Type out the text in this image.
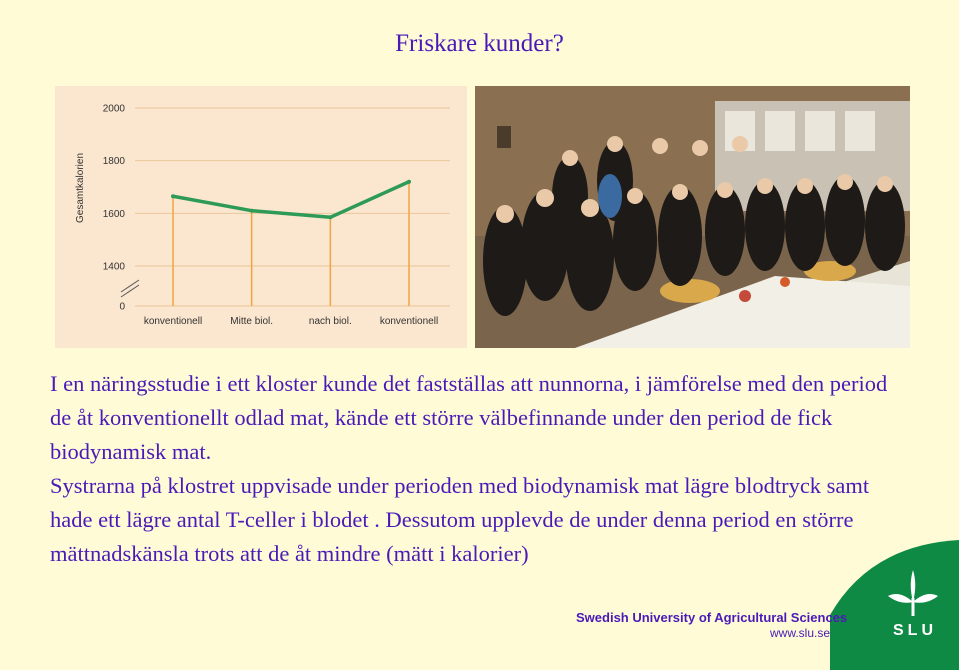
Friskare kunder?
0
1400
1600
1800
2000
Gesamtkalorien
konventionell	Mitte biol.	nach biol.	konventionell

I en näringsstudie i ett kloster kunde det fastställas att nunnorna, i jämförelse med den period de åt konventionellt odlad mat, kände ett större välbefinnande under den period de fick biodynamisk mat.

Systrarna på klostret uppvisade under perioden med biodynamisk mat lägre blodtryck samt hade ett lägre antal T-celler i blodet . Dessutom upplevde de under denna period en större mättnadskänsla trots att de åt mindre (mätt i kalorier)

SLU
Swedish University of Agricultural Sciences
www.slu.se
